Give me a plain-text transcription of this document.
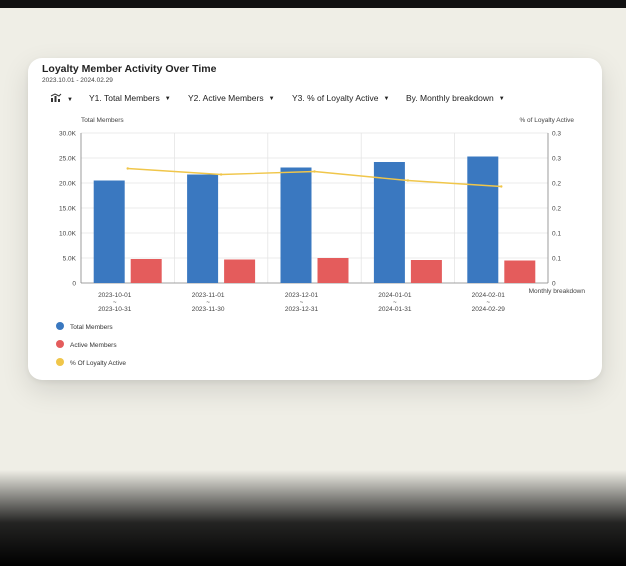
Loyalty Member Activity Over Time
2023.10.01 - 2024.02.29
▼ Y1. Total Members ▼ Y2. Active Members ▼ Y3. % of Loyalty Active ▼ By. Monthly breakdown ▼
0
5.0K
10.0K
15.0K
20.0K
25.0K
30.0K
0
0.1
0.1
0.2
0.2
0.3
0.3
Total Members	% of Loyalty Active
Monthly breakdown
2023-10-01
~
2023-10-31
2023-11-01
~
2023-11-30
2023-12-01
~
2023-12-31
2024-01-01
~
2024-01-31
2024-02-01
~
2024-02-29
Total Members
Active Members
% Of Loyalty Active
